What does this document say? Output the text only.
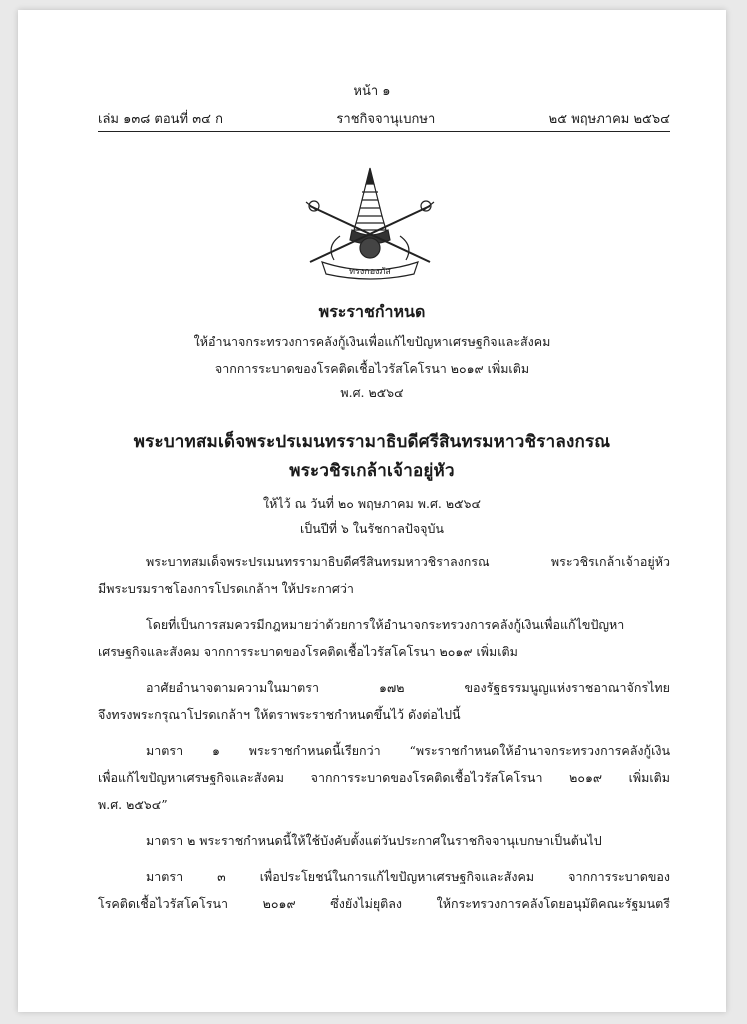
หน้า ๑
เล่ม ๑๓๘ ตอนที่ ๓๔ ก	ราชกิจจานุเบกษา	๒๕ พฤษภาคม ๒๕๖๔
ทรงกองภัส
พระราชกำหนด
ให้อำนาจกระทรวงการคลังกู้เงินเพื่อแก้ไขปัญหาเศรษฐกิจและสังคม
จากการระบาดของโรคติดเชื้อไวรัสโคโรนา ๒๐๑๙ เพิ่มเติม
พ.ศ. ๒๕๖๔
พระบาทสมเด็จพระปรเมนทรรามาธิบดีศรีสินทรมหาวชิราลงกรณ
พระวชิรเกล้าเจ้าอยู่หัว
ให้ไว้ ณ วันที่ ๒๐ พฤษภาคม พ.ศ. ๒๕๖๔
เป็นปีที่ ๖ ในรัชกาลปัจจุบัน
พระบาทสมเด็จพระปรเมนทรรามาธิบดีศรีสินทรมหาวชิราลงกรณ พระวชิรเกล้าเจ้าอยู่หัว
มีพระบรมราชโองการโปรดเกล้าฯ ให้ประกาศว่า
โดยที่เป็นการสมควรมีกฎหมายว่าด้วยการให้อำนาจกระทรวงการคลังกู้เงินเพื่อแก้ไขปัญหา
เศรษฐกิจและสังคม จากการระบาดของโรคติดเชื้อไวรัสโคโรนา ๒๐๑๙ เพิ่มเติม
อาศัยอำนาจตามความในมาตรา ๑๗๒ ของรัฐธรรมนูญแห่งราชอาณาจักรไทย
จึงทรงพระกรุณาโปรดเกล้าฯ ให้ตราพระราชกำหนดขึ้นไว้ ดังต่อไปนี้
มาตรา ๑ พระราชกำหนดนี้เรียกว่า “พระราชกำหนดให้อำนาจกระทรวงการคลังกู้เงิน
เพื่อแก้ไขปัญหาเศรษฐกิจและสังคม จากการระบาดของโรคติดเชื้อไวรัสโคโรนา ๒๐๑๙ เพิ่มเติม
พ.ศ. ๒๕๖๔”
มาตรา ๒ พระราชกำหนดนี้ให้ใช้บังคับตั้งแต่วันประกาศในราชกิจจานุเบกษาเป็นต้นไป
มาตรา ๓ เพื่อประโยชน์ในการแก้ไขปัญหาเศรษฐกิจและสังคม จากการระบาดของ
โรคติดเชื้อไวรัสโคโรนา ๒๐๑๙ ซึ่งยังไม่ยุติลง ให้กระทรวงการคลังโดยอนุมัติคณะรัฐมนตรี
